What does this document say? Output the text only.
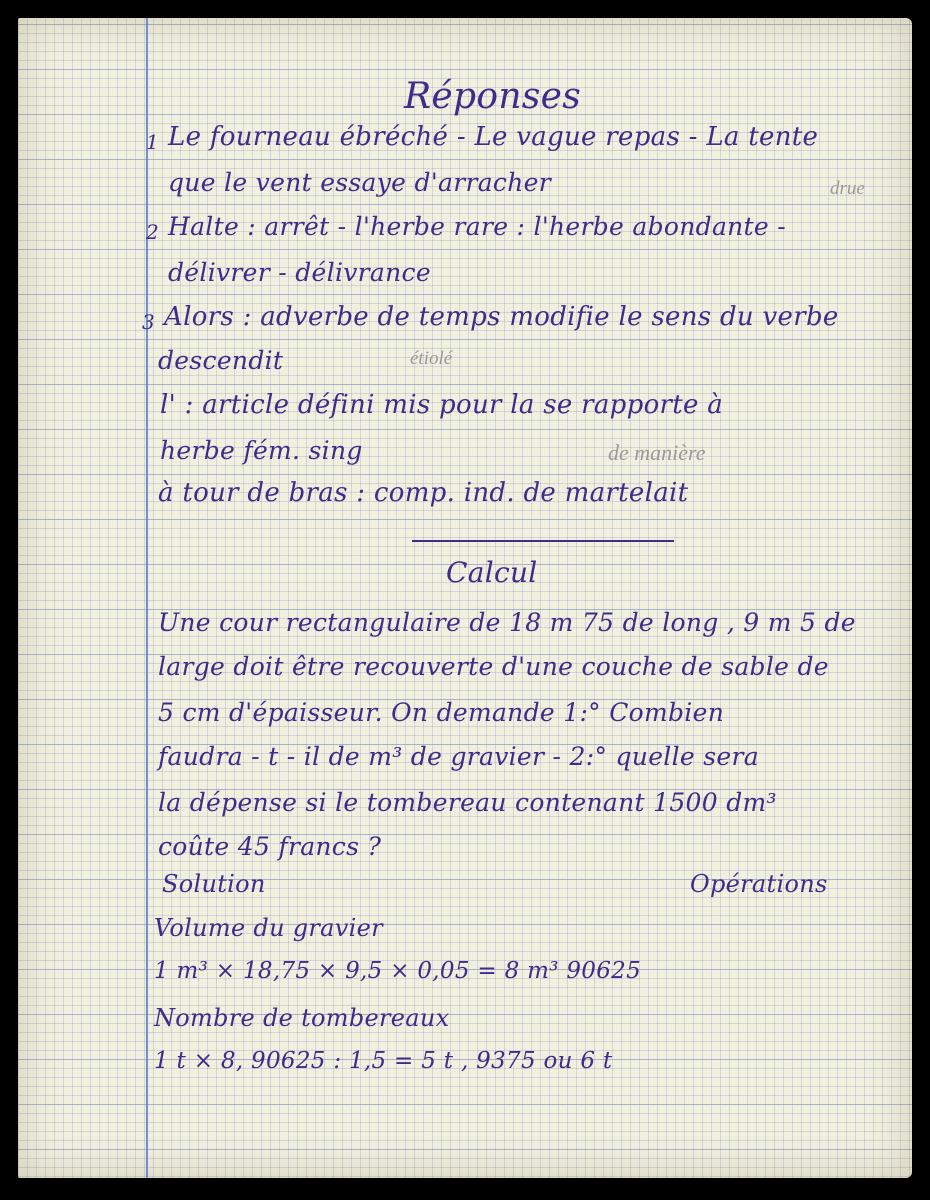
Réponses
1 Le fourneau ébréché - Le vague repas - La tente
que le vent essaye d'arracher	drue
2 Halte : arrêt - l'herbe rare : l'herbe abondante -
délivrer - délivrance
3 Alors : adverbe de temps modifie le sens du verbe
descendit	étiolé
l' : article défini mis pour la se rapporte à
herbe fém. sing	de manière
à tour de bras : comp. ind. de martelait
Calcul
Une cour rectangulaire de 18 m 75 de long , 9 m 5 de
large doit être recouverte d'une couche de sable de
5 cm d'épaisseur. On demande 1:° Combien
faudra - t - il de m³ de gravier - 2:° quelle sera
la dépense si le tombereau contenant 1500 dm³
coûte 45 francs ?
Solution	Opérations
Volume du gravier
1 m³ × 18,75 × 9,5 × 0,05 = 8 m³ 90625
Nombre de tombereaux
1 t × 8, 90625 : 1,5 = 5 t , 9375 ou 6 t
